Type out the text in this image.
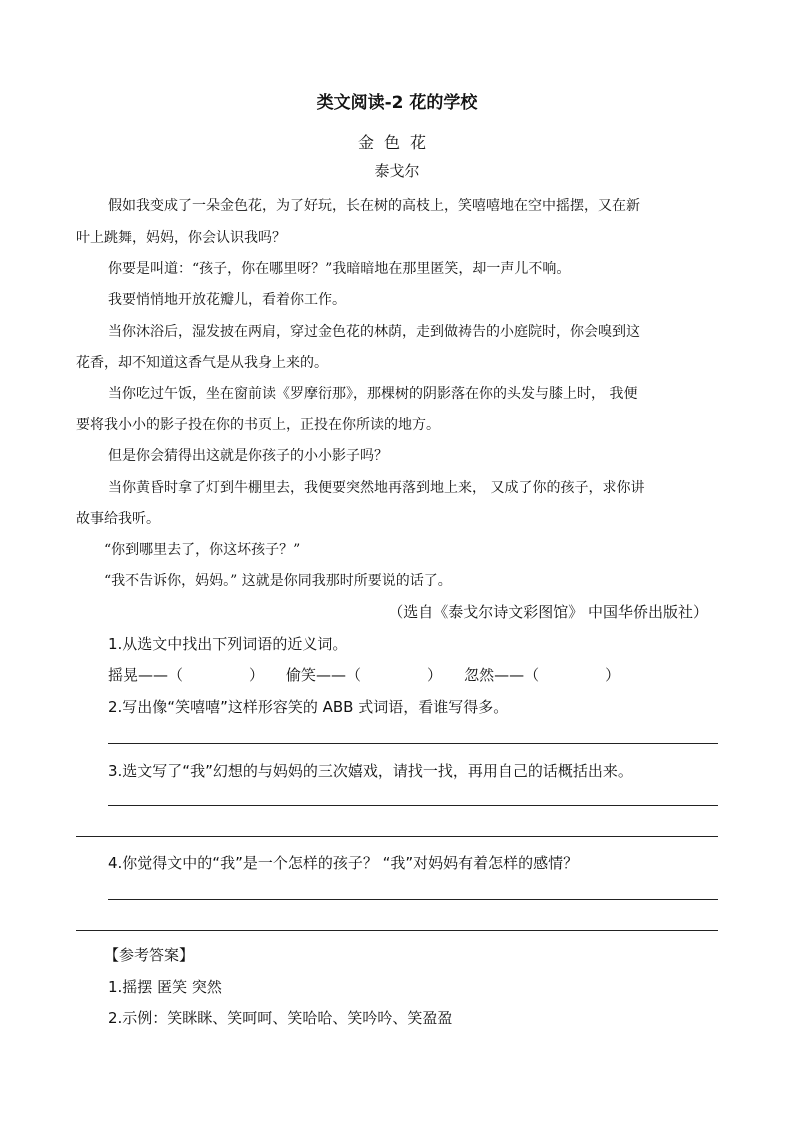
类文阅读-2 花的学校
金色花
泰戈尔
假如我变成了一朵金色花，为了好玩，长在树的高枝上，笑嘻嘻地在空中摇摆，又在新
叶上跳舞，妈妈，你会认识我吗？
你要是叫道：“孩子，你在哪里呀？”我暗暗地在那里匿笑，却一声儿不响。
我要悄悄地开放花瓣儿，看着你工作。
当你沐浴后，湿发披在两肩，穿过金色花的林荫，走到做祷告的小庭院时，你会嗅到这
花香，却不知道这香气是从我身上来的。
当你吃过午饭，坐在窗前读《罗摩衍那》，那棵树的阴影落在你的头发与膝上时， 我便
要将我小小的影子投在你的书页上，正投在你所读的地方。
但是你会猜得出这就是你孩子的小小影子吗？
当你黄昏时拿了灯到牛棚里去，我便要突然地再落到地上来， 又成了你的孩子，求你讲
故事给我听。
“你到哪里去了，你这坏孩子？”
“我不告诉你，妈妈。” 这就是你同我那时所要说的话了。
（选自《泰戈尔诗文彩图馆》 中国华侨出版社）
1.从选文中找出下列词语的近义词。
摇晃——（	） 偷笑——（	） 忽然——（	）
2.写出像“笑嘻嘻”这样形容笑的 ABB 式词语，看谁写得多。
3.选文写了“我”幻想的与妈妈的三次嬉戏，请找一找，再用自己的话概括出来。
4.你觉得文中的“我”是一个怎样的孩子？ “我”对妈妈有着怎样的感情？
【参考答案】
1.摇摆 匿笑 突然
2.示例：笑眯眯、笑呵呵、笑哈哈、笑吟吟、笑盈盈
